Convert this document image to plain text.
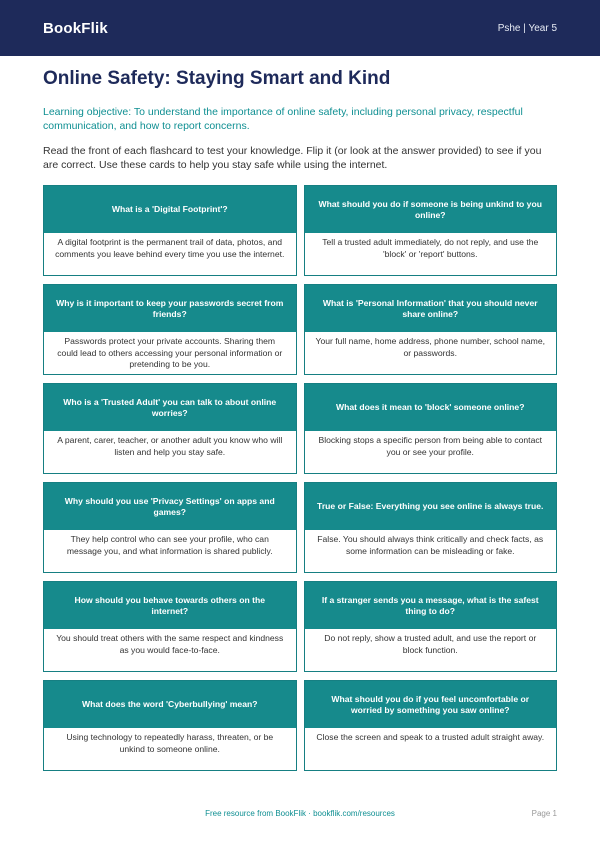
BookFlik	Pshe | Year 5
Online Safety: Staying Smart and Kind

Learning objective: To understand the importance of online safety, including personal privacy, respectful communication, and how to report concerns.

Read the front of each flashcard to test your knowledge. Flip it (or look at the answer provided) to see if you are correct. Use these cards to help you stay safe while using the internet.

What is a 'Digital Footprint'?
A digital footprint is the permanent trail of data, photos, and comments you leave behind every time you use the internet.
What should you do if someone is being unkind to you online?
Tell a trusted adult immediately, do not reply, and use the 'block' or 'report' buttons.
Why is it important to keep your passwords secret from friends?
Passwords protect your private accounts. Sharing them could lead to others accessing your personal information or pretending to be you.
What is 'Personal Information' that you should never share online?
Your full name, home address, phone number, school name, or passwords.
Who is a 'Trusted Adult' you can talk to about online worries?
A parent, carer, teacher, or another adult you know who will listen and help you stay safe.
What does it mean to 'block' someone online?
Blocking stops a specific person from being able to contact you or see your profile.
Why should you use 'Privacy Settings' on apps and games?
They help control who can see your profile, who can message you, and what information is shared publicly.
True or False: Everything you see online is always true.
False. You should always think critically and check facts, as some information can be misleading or fake.
How should you behave towards others on the internet?
You should treat others with the same respect and kindness as you would face-to-face.
If a stranger sends you a message, what is the safest thing to do?
Do not reply, show a trusted adult, and use the report or block function.
What does the word 'Cyberbullying' mean?
Using technology to repeatedly harass, threaten, or be unkind to someone online.
What should you do if you feel uncomfortable or worried by something you saw online?
Close the screen and speak to a trusted adult straight away.
Free resource from BookFlik · bookflik.com/resources	Page 1
